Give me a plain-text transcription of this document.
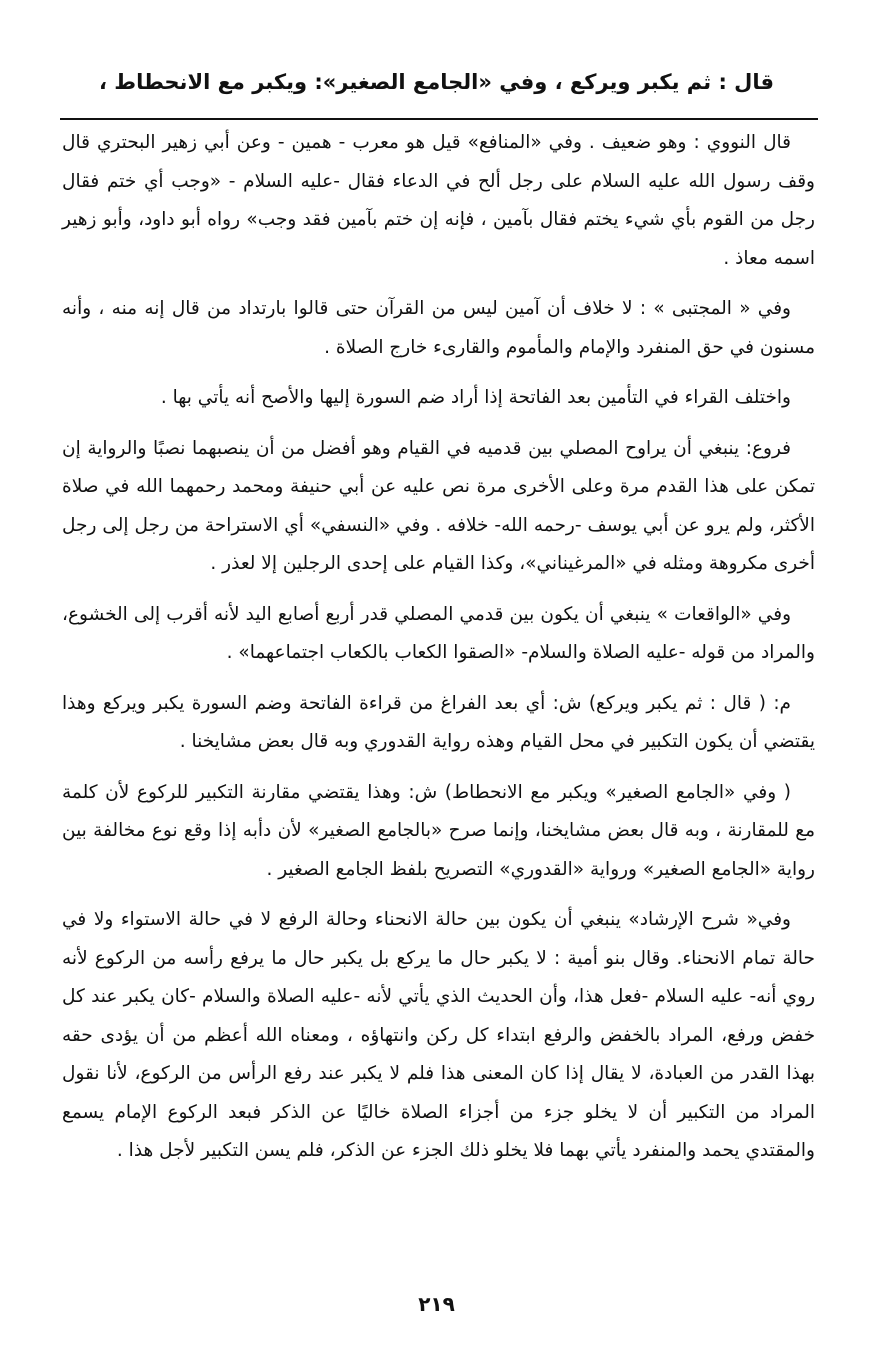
قال : ثم يكبر ويركع ، وفي «الجامع الصغير»: ويكبر مع الانحطاط ،

قال النووي : وهو ضعيف . وفي «المنافع» قيل هو معرب - همين - وعن أبي زهير البحتري قال وقف رسول الله عليه السلام على رجل ألح في الدعاء فقال -عليه السلام - «وجب أي ختم فقال رجل من القوم بأي شيء يختم فقال بآمين ، فإنه إن ختم بآمين فقد وجب» رواه أبو داود، وأبو زهير اسمه معاذ .

وفي « المجتبى » : لا خلاف أن آمين ليس من القرآن حتى قالوا بارتداد من قال إنه منه ، وأنه مسنون في حق المنفرد والإمام والمأموم والقارىء خارج الصلاة .

واختلف القراء في التأمين بعد الفاتحة إذا أراد ضم السورة إليها والأصح أنه يأتي بها .

فروع: ينبغي أن يراوح المصلي بين قدميه في القيام وهو أفضل من أن ينصبهما نصبًا والرواية إن تمكن على هذا القدم مرة وعلى الأخرى مرة نص عليه عن أبي حنيفة ومحمد رحمهما الله في صلاة الأكثر، ولم يرو عن أبي يوسف -رحمه الله- خلافه . وفي «النسفي» أي الاستراحة من رجل إلى رجل أخرى مكروهة ومثله في «المرغيناني»، وكذا القيام على إحدى الرجلين إلا لعذر .

وفي «الواقعات » ينبغي أن يكون بين قدمي المصلي قدر أربع أصابع اليد لأنه أقرب إلى الخشوع، والمراد من قوله -عليه الصلاة والسلام- «الصقوا الكعاب بالكعاب اجتماعهما» .

م: ( قال : ثم يكبر ويركع) ش: أي بعد الفراغ من قراءة الفاتحة وضم السورة يكبر ويركع وهذا يقتضي أن يكون التكبير في محل القيام وهذه رواية القدوري وبه قال بعض مشايخنا .

( وفي «الجامع الصغير» ويكبر مع الانحطاط) ش: وهذا يقتضي مقارنة التكبير للركوع لأن كلمة مع للمقارنة ، وبه قال بعض مشايخنا، وإنما صرح «بالجامع الصغير» لأن دأبه إذا وقع نوع مخالفة بين رواية «الجامع الصغير» ورواية «القدوري» التصريح بلفظ الجامع الصغير .

وفي« شرح الإرشاد» ينبغي أن يكون بين حالة الانحناء وحالة الرفع لا في حالة الاستواء ولا في حالة تمام الانحناء. وقال بنو أمية : لا يكبر حال ما يركع بل يكبر حال ما يرفع رأسه من الركوع لأنه روي أنه- عليه السلام -فعل هذا، وأن الحديث الذي يأتي لأنه -عليه الصلاة والسلام -كان يكبر عند كل خفض ورفع، المراد بالخفض والرفع ابتداء كل ركن وانتهاؤه ، ومعناه الله أعظم من أن يؤدى حقه بهذا القدر من العبادة، لا يقال إذا كان المعنى هذا فلم لا يكبر عند رفع الرأس من الركوع، لأنا نقول المراد من التكبير أن لا يخلو جزء من أجزاء الصلاة خاليًا عن الذكر فبعد الركوع الإمام يسمع والمقتدي يحمد والمنفرد يأتي بهما فلا يخلو ذلك الجزء عن الذكر، فلم يسن التكبير لأجل هذا .

٢١٩
